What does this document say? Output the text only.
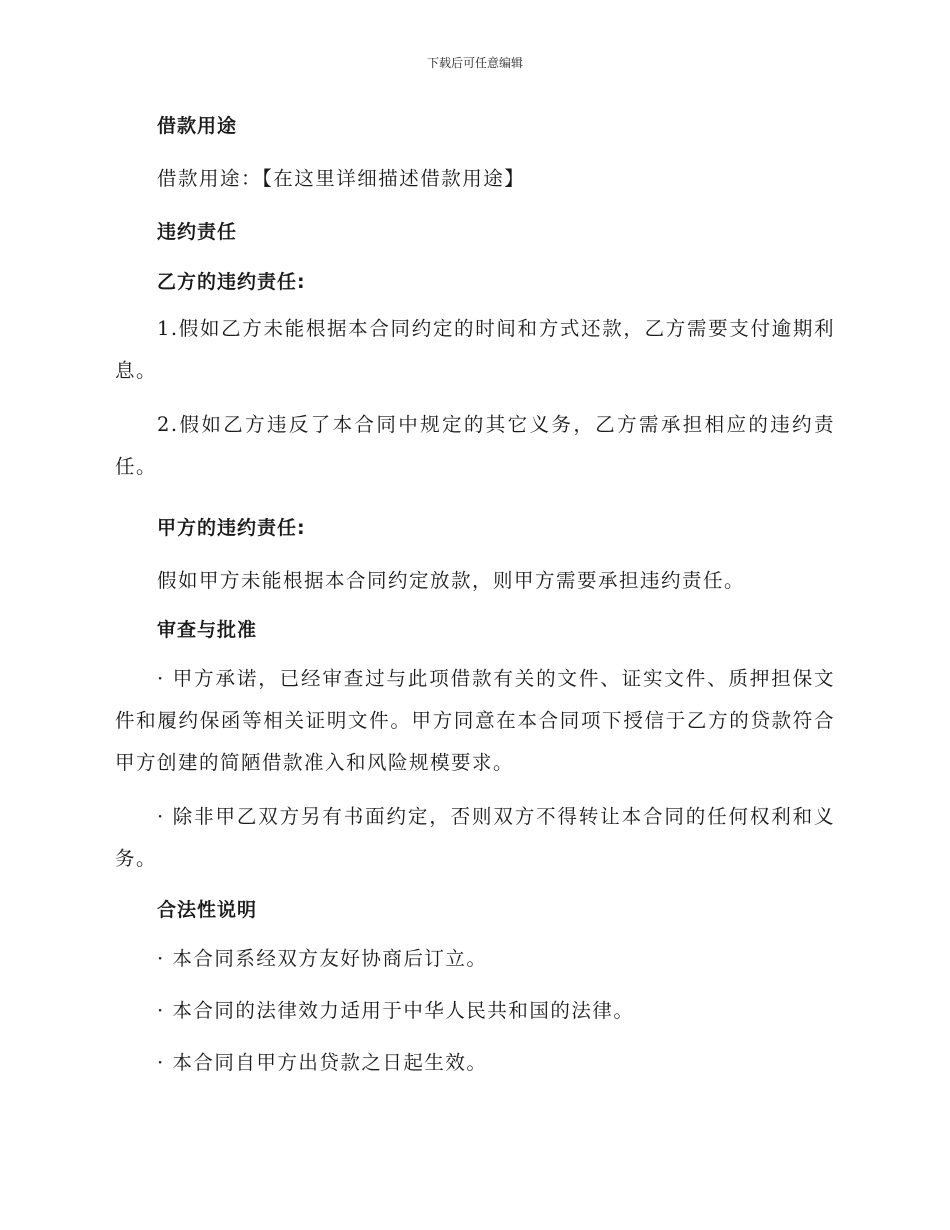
下载后可任意编辑
借款用途

借款用途：【在这里详细描述借款用途】

违约责任
乙方的违约责任:

1.假如乙方未能根据本合同约定的时间和方式还款，乙方需要支付逾期利息。

2.假如乙方违反了本合同中规定的其它义务，乙方需承担相应的违约责任。

甲方的违约责任:

假如甲方未能根据本合同约定放款，则甲方需要承担违约责任。

审查与批准

· 甲方承诺，已经审查过与此项借款有关的文件、证实文件、质押担保文件和履约保函等相关证明文件。甲方同意在本合同项下授信于乙方的贷款符合甲方创建的简陋借款准入和风险规模要求。

· 除非甲乙双方另有书面约定，否则双方不得转让本合同的任何权利和义务。

合法性说明

· 本合同系经双方友好协商后订立。

· 本合同的法律效力适用于中华人民共和国的法律。

· 本合同自甲方出贷款之日起生效。
